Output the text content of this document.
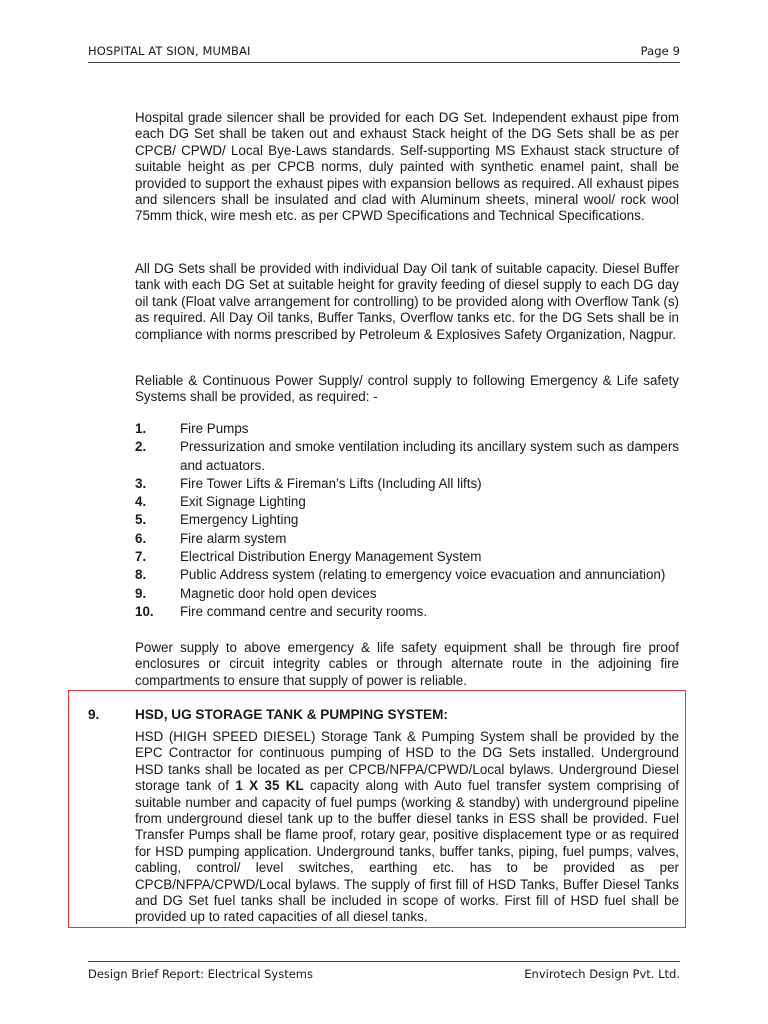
HOSPITAL AT SION, MUMBAI	Page 9

Hospital grade silencer shall be provided for each DG Set. Independent exhaust pipe from each DG Set shall be taken out and exhaust Stack height of the DG Sets shall be as per CPCB/ CPWD/ Local Bye-Laws standards. Self-supporting MS Exhaust stack structure of suitable height as per CPCB norms, duly painted with synthetic enamel paint, shall be provided to support the exhaust pipes with expansion bellows as required. All exhaust pipes and silencers shall be insulated and clad with Aluminum sheets, mineral wool/ rock wool 75mm thick, wire mesh etc. as per CPWD Specifications and Technical Specifications.

All DG Sets shall be provided with individual Day Oil tank of suitable capacity. Diesel Buffer tank with each DG Set at suitable height for gravity feeding of diesel supply to each DG day oil tank (Float valve arrangement for controlling) to be provided along with Overflow Tank (s) as required. All Day Oil tanks, Buffer Tanks, Overflow tanks etc. for the DG Sets shall be in compliance with norms prescribed by Petroleum & Explosives Safety Organization, Nagpur.

Reliable & Continuous Power Supply/ control supply to following Emergency & Life safety Systems shall be provided, as required: -

1.	Fire Pumps
2.	Pressurization and smoke ventilation including its ancillary system such as dampers and actuators.
3.	Fire Tower Lifts & Fireman’s Lifts (Including All lifts)
4.	Exit Signage Lighting
5.	Emergency Lighting
6.	Fire alarm system
7.	Electrical Distribution Energy Management System
8.	Public Address system (relating to emergency voice evacuation and annunciation)
9.	Magnetic door hold open devices
10.	Fire command centre and security rooms.

Power supply to above emergency & life safety equipment shall be through fire proof enclosures or circuit integrity cables or through alternate route in the adjoining fire compartments to ensure that supply of power is reliable.

9.	HSD, UG STORAGE TANK & PUMPING SYSTEM:

HSD (HIGH SPEED DIESEL) Storage Tank & Pumping System shall be provided by the EPC Contractor for continuous pumping of HSD to the DG Sets installed. Underground HSD tanks shall be located as per CPCB/NFPA/CPWD/Local bylaws. Underground Diesel storage tank of 1 X 35 KL capacity along with Auto fuel transfer system comprising of suitable number and capacity of fuel pumps (working & standby) with underground pipeline from underground diesel tank up to the buffer diesel tanks in ESS shall be provided. Fuel Transfer Pumps shall be flame proof, rotary gear, positive displacement type or as required for HSD pumping application. Underground tanks, buffer tanks, piping, fuel pumps, valves, cabling, control/ level switches, earthing etc. has to be provided as per CPCB/NFPA/CPWD/Local bylaws. The supply of first fill of HSD Tanks, Buffer Diesel Tanks and DG Set fuel tanks shall be included in scope of works. First fill of HSD fuel shall be provided up to rated capacities of all diesel tanks.

Design Brief Report: Electrical Systems	Envirotech Design Pvt. Ltd.
